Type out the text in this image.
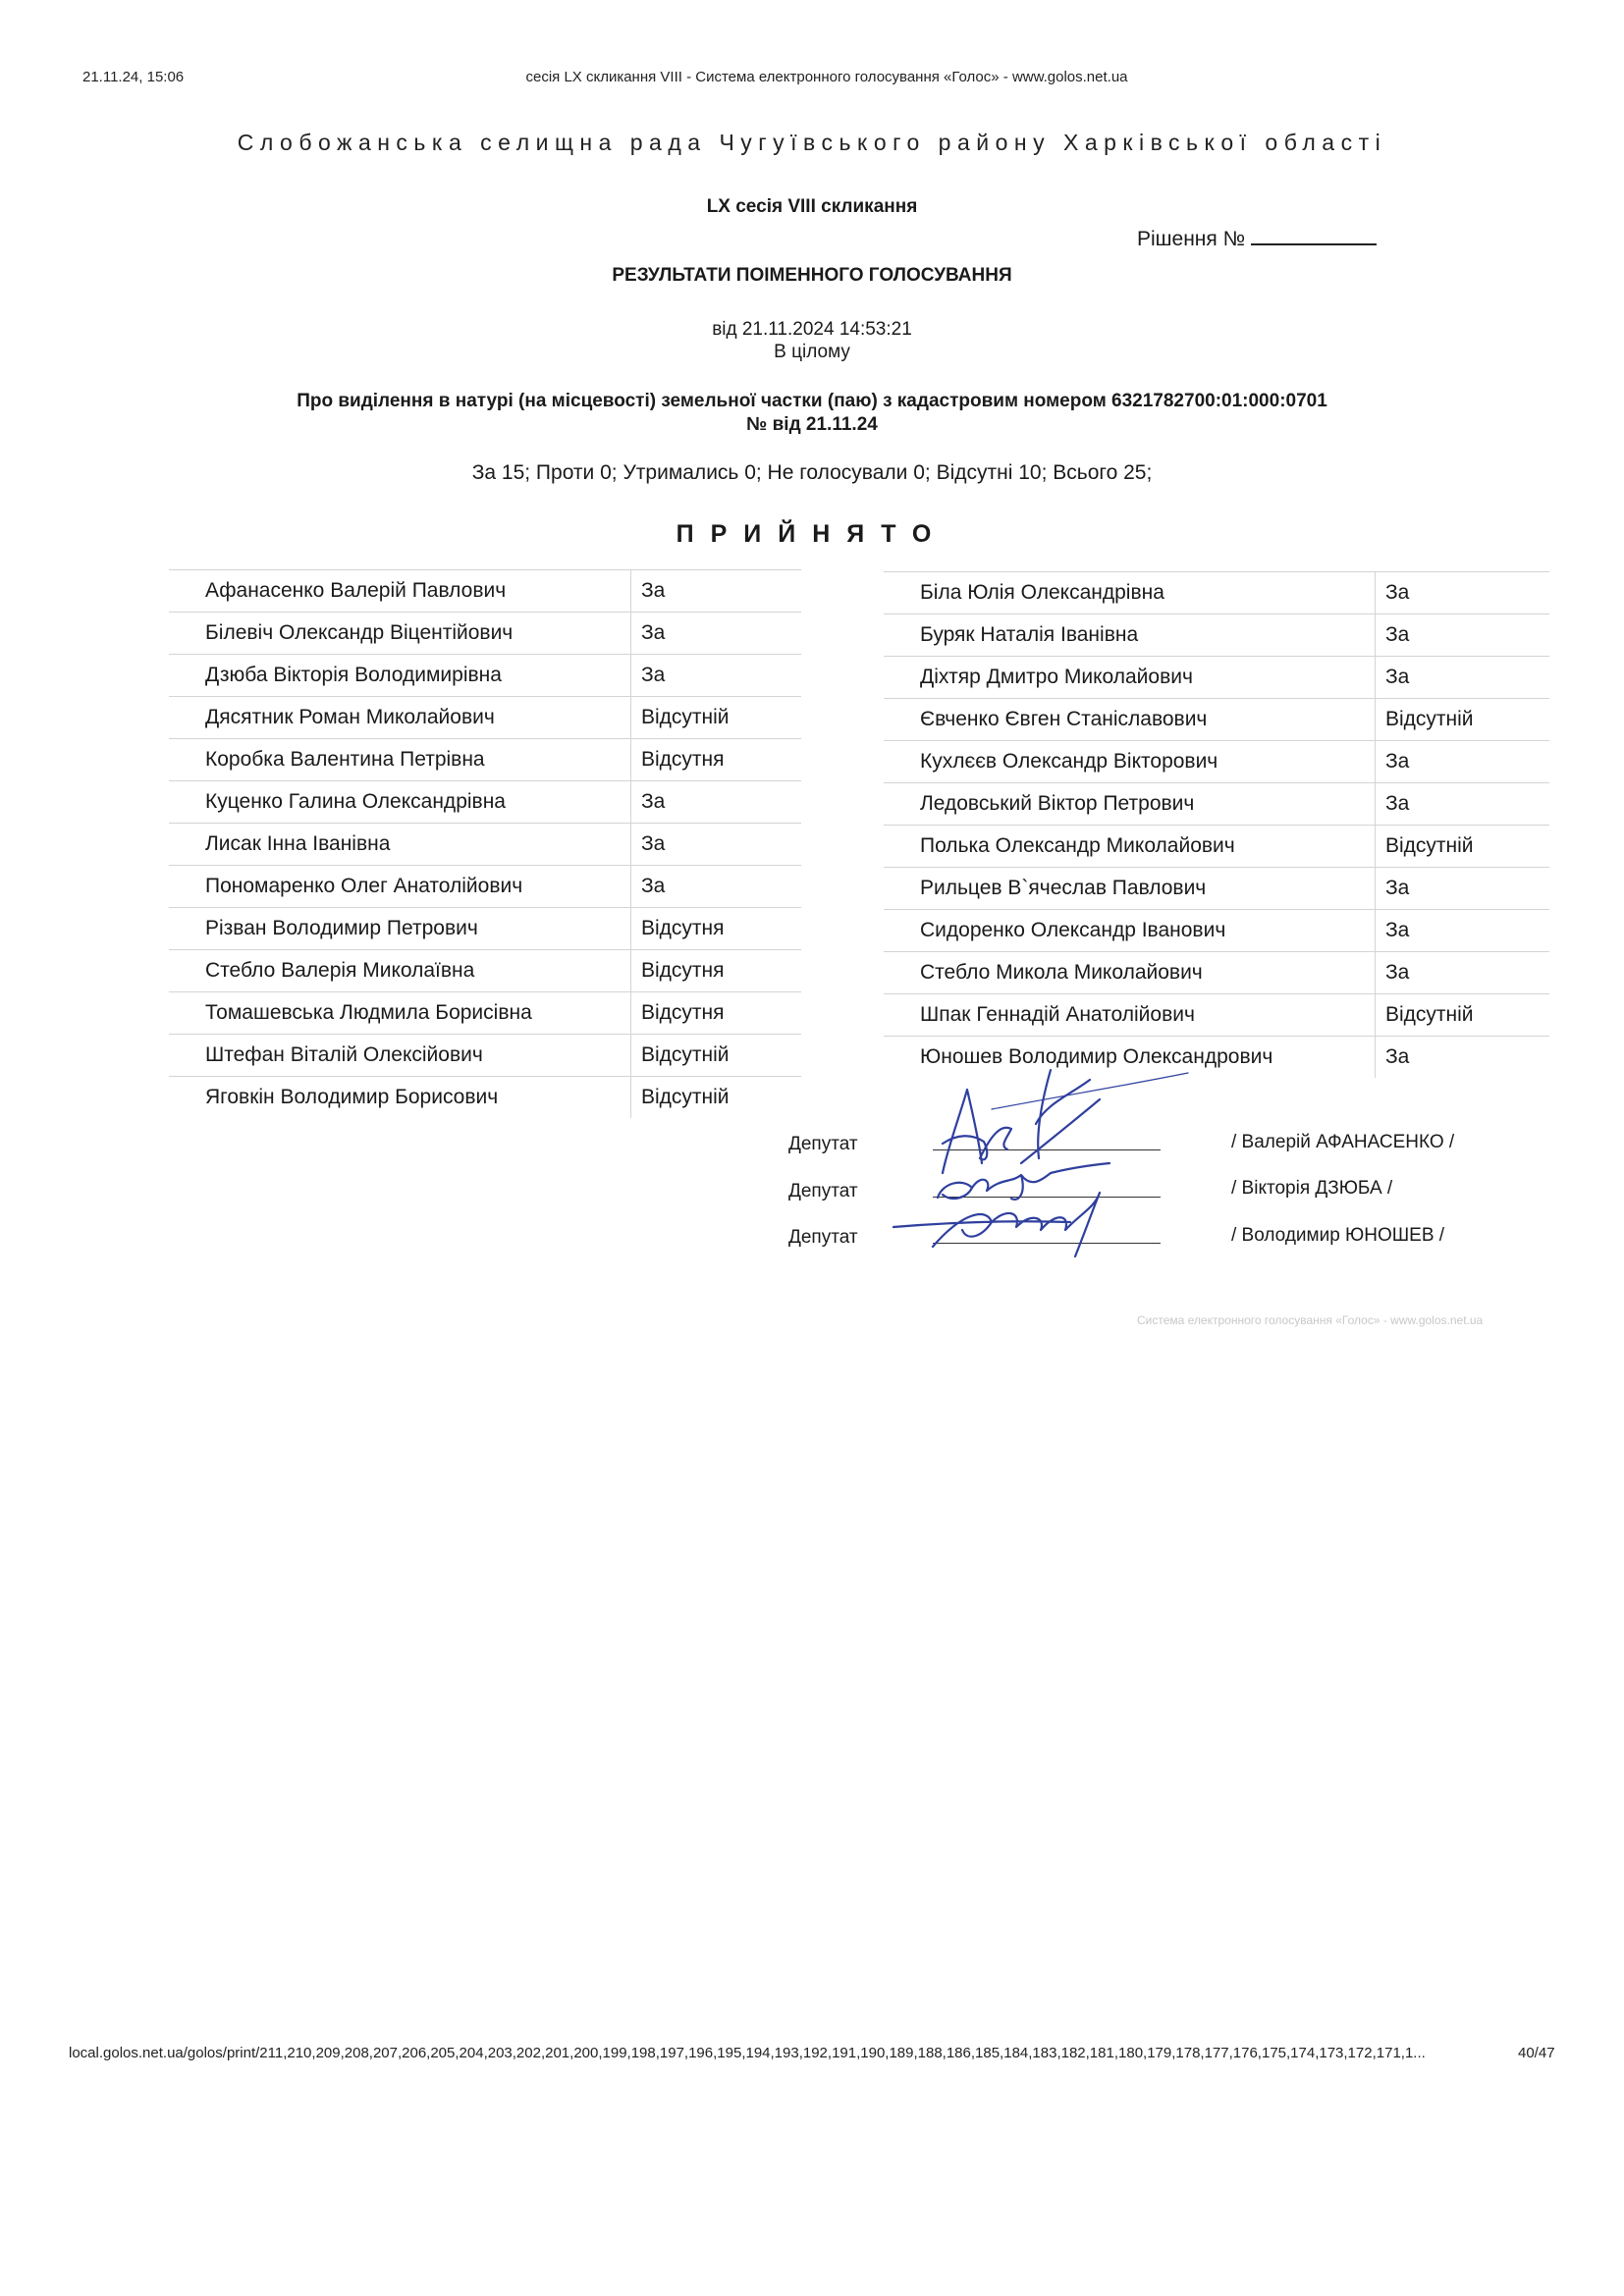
21.11.24, 15:06	сесія LX скликання VIII - Система електронного голосування «Голос» - www.golos.net.ua
Слобожанська селищна рада Чугуївського району Харківської області
LX сесія VIII скликання
Рішення №
РЕЗУЛЬТАТИ ПОІМЕННОГО ГОЛОСУВАННЯ
від 21.11.2024 14:53:21
В цілому
Про виділення в натурі (на місцевості) земельної частки (паю) з кадастровим номером 6321782700:01:000:0701
№ від 21.11.24
За 15; Проти 0; Утримались 0; Не голосували 0; Відсутні 10; Всього 25;
ПРИЙНЯТО
Афанасенко Валерій Павлович	За
Білевіч Олександр Віцентійович	За
Дзюба Вікторія Володимирівна	За
Дясятник Роман Миколайович	Відсутній
Коробка Валентина Петрівна	Відсутня
Куценко Галина Олександрівна	За
Лисак Інна Іванівна	За
Пономаренко Олег Анатолійович	За
Різван Володимир Петрович	Відсутня
Стебло Валерія Миколаївна	Відсутня
Томашевська Людмила Борисівна	Відсутня
Штефан Віталій Олексійович	Відсутній
Яговкін Володимир Борисович	Відсутній
Біла Юлія Олександрівна	За
Буряк Наталія Іванівна	За
Діхтяр Дмитро Миколайович	За
Євченко Євген Станіславович	Відсутній
Кухлєєв Олександр Вікторович	За
Ледовський Віктор Петрович	За
Полька Олександр Миколайович	Відсутній
Рильцев В`ячеслав Павлович	За
Сидоренко Олександр Іванович	За
Стебло Микола Миколайович	За
Шпак Геннадій Анатолійович	Відсутній
Юношев Володимир Олександрович	За
Депутат
Депутат
Депутат
/ Валерій АФАНАСЕНКО /
/ Вікторія ДЗЮБА /
/ Володимир ЮНОШЕВ /
Система електронного голосування «Голос» - www.golos.net.ua
local.golos.net.ua/golos/print/211,210,209,208,207,206,205,204,203,202,201,200,199,198,197,196,195,194,193,192,191,190,189,188,186,185,184,183,182,181,180,179,178,177,176,175,174,173,172,171,1...	40/47
